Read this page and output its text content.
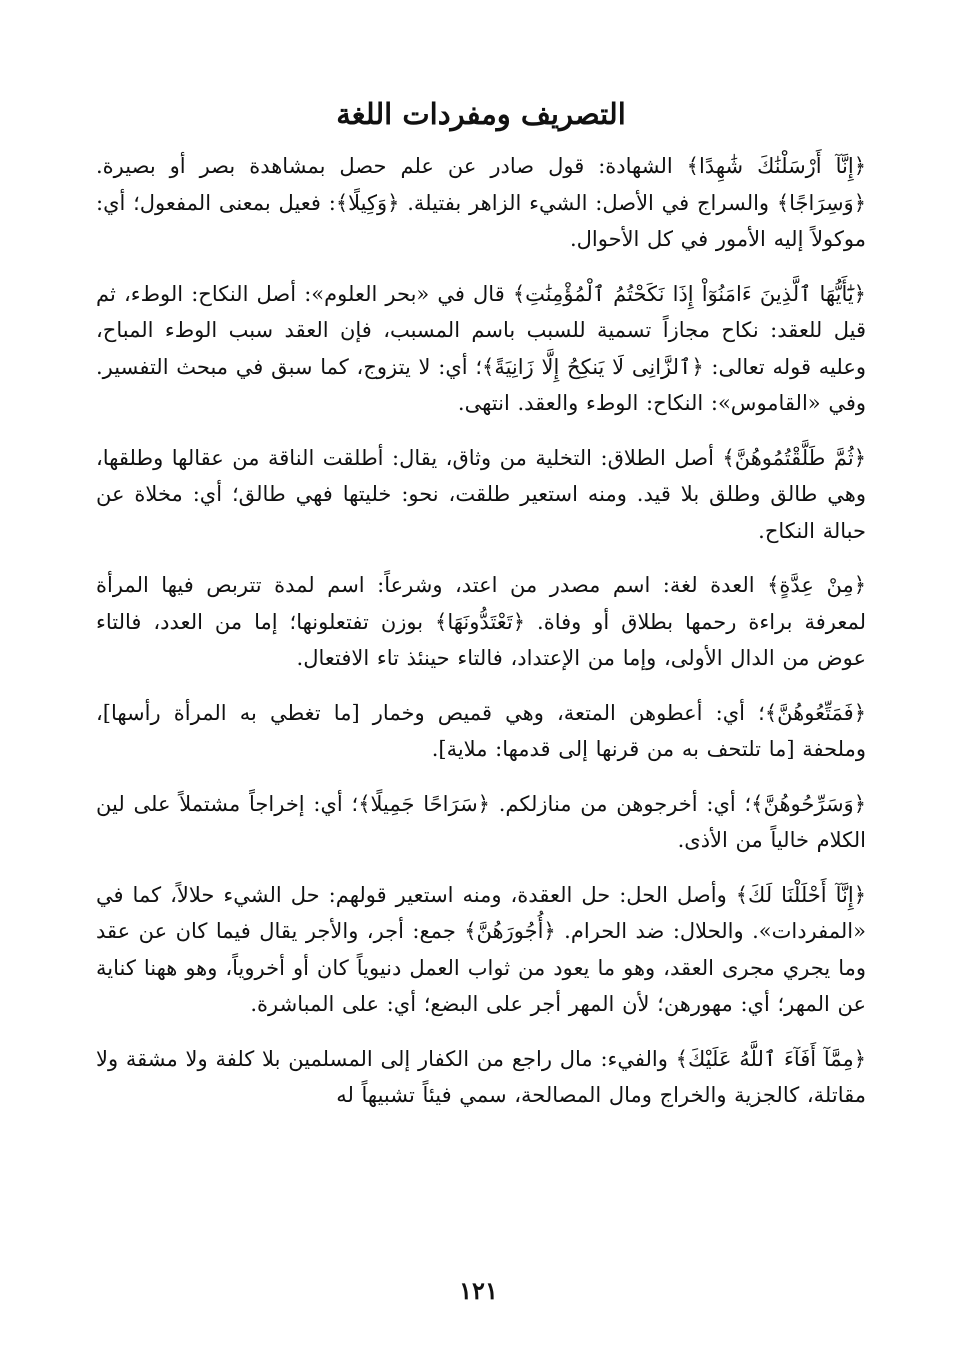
التصريف ومفردات اللغة

﴿إِنَّآ أَرْسَلْنَٰكَ شَٰهِدًا﴾ الشهادة: قول صادر عن علم حصل بمشاهدة بصر أو بصيرة. ﴿وَسِرَاجًا﴾ والسراج في الأصل: الشيء الزاهر بفتيلة. ﴿وَكِيلًا﴾: فعيل بمعنى المفعول؛ أي: موكولاً إليه الأمور في كل الأحوال.

﴿يَٰٓأَيُّهَا ٱلَّذِينَ ءَامَنُوٓاْ إِذَا نَكَحْتُمُ ٱلْمُؤْمِنَٰتِ﴾ قال في «بحر العلوم»: أصل النكاح: الوطء، ثم قيل للعقد: نكاح مجازاً تسمية للسبب باسم المسبب، فإن العقد سبب الوطء المباح، وعليه قوله تعالى: ﴿ٱلزَّانِى لَا يَنكِحُ إِلَّا زَانِيَةً﴾؛ أي: لا يتزوج، كما سبق في مبحث التفسير. وفي «القاموس»: النكاح: الوطء والعقد. انتهى.

﴿ثُمَّ طَلَّقْتُمُوهُنَّ﴾ أصل الطلاق: التخلية من وثاق، يقال: أطلقت الناقة من عقالها وطلقها، وهي طالق وطلق بلا قيد. ومنه استعير طلقت، نحو: خليتها فهي طالق؛ أي: مخلاة عن حبالة النكاح.

﴿مِنْ عِدَّةٍ﴾ العدة لغة: اسم مصدر من اعتد، وشرعاً: اسم لمدة تتربص فيها المرأة لمعرفة براءة رحمها بطلاق أو وفاة. ﴿تَعْتَدُّونَهَا﴾ بوزن تفتعلونها؛ إما من العدد، فالتاء عوض من الدال الأولى، وإما من الإعتداد، فالتاء حينئذ تاء الافتعال.

﴿فَمَتِّعُوهُنَّ﴾؛ أي: أعطوهن المتعة، وهي قميص وخمار [ما تغطي به المرأة رأسها]، وملحفة [ما تلتحف به من قرنها إلى قدمها: ملاية].

﴿وَسَرِّحُوهُنَّ﴾؛ أي: أخرجوهن من منازلكم. ﴿سَرَاحًا جَمِيلًا﴾؛ أي: إخراجاً مشتملاً على لين الكلام خالياً من الأذى.

﴿إِنَّآ أَحْلَلْنَا لَكَ﴾ وأصل الحل: حل العقدة، ومنه استعير قولهم: حل الشيء حلالاً، كما في «المفردات». والحلال: ضد الحرام. ﴿أُجُورَهُنَّ﴾ جمع: أجر، والأجر يقال فيما كان عن عقد وما يجري مجرى العقد، وهو ما يعود من ثواب العمل دنيوياً كان أو أخروياً، وهو ههنا كناية عن المهر؛ أي: مهورهن؛ لأن المهر أجر على البضع؛ أي: على المباشرة.

﴿مِمَّآ أَفَآءَ ٱللَّهُ عَلَيْكَ﴾ والفيء: مال راجع من الكفار إلى المسلمين بلا كلفة ولا مشقة ولا مقاتلة، كالجزية والخراج ومال المصالحة، سمي فيئاً تشبيهاً له

١٢١
